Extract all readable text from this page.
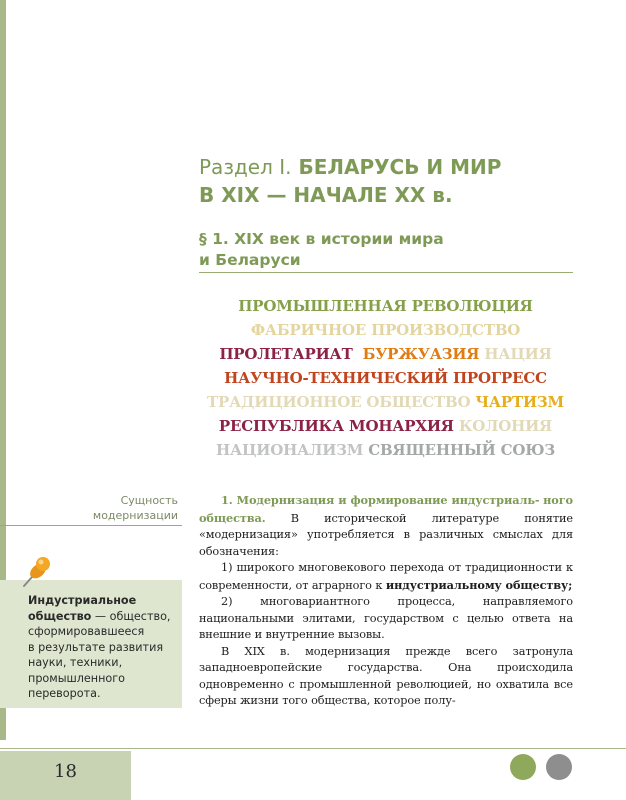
Раздел I. БЕЛАРУСЬ И МИР
В XIX — НАЧАЛЕ XX в.
§ 1. XIX век в истории мира
и Беларуси
ПРОМЫШЛЕННАЯ РЕВОЛЮЦИЯ
ФАБРИЧНОЕ ПРОИЗВОДСТВО
ПРОЛЕТАРИАТ БУРЖУАЗИЯ НАЦИЯ
НАУЧНО-ТЕХНИЧЕСКИЙ ПРОГРЕСС
ТРАДИЦИОННОЕ ОБЩЕСТВО ЧАРТИЗМ
РЕСПУБЛИКА МОНАРХИЯ КОЛОНИЯ
НАЦИОНАЛИЗМ СВЯЩЕННЫЙ СОЮЗ
Сущность
модернизации
Индустриальное
общество — общество,
сформировавшееся
в результате развития
науки, техники,
промышленного
переворота.

1. Модернизация и формирование индустриаль- ного общества. В исторической литературе понятие «модернизация» употребляется в различных смыслах для обозначения:

1) широкого многовекового перехода от традиционности к современности, от аграрного к индустриальному обществу;

2) многовариантного процесса, направляемого национальными элитами, государством с целью ответа на внешние и внутренние вызовы.

В XIX в. модернизация прежде всего затронула западноевропейские государства. Она происходила одновременно с промышленной революцией, но охватила все сферы жизни того общества, которое полу-

18
